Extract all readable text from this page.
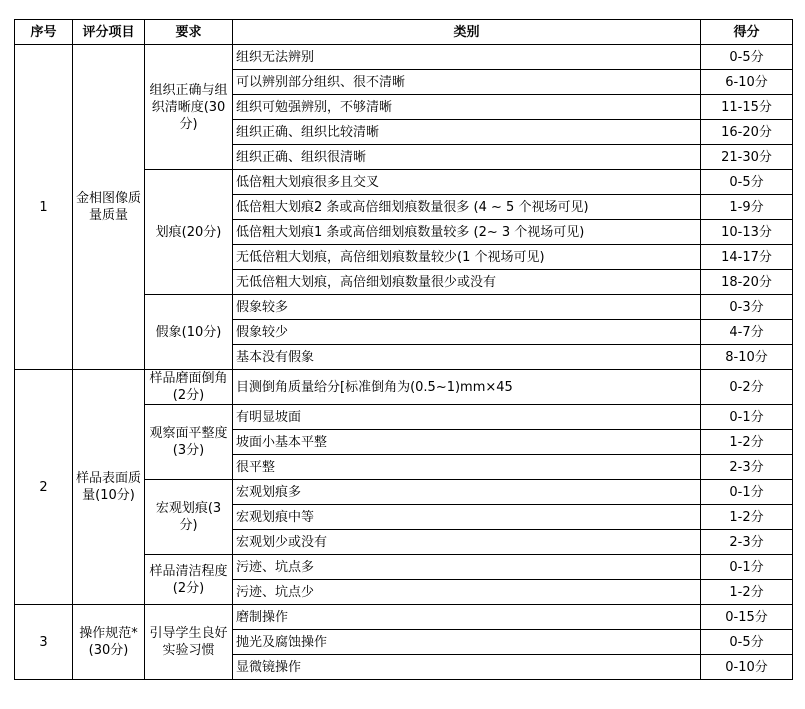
序号	评分项目	要求	类别	得分
1	金相图像质 量质量	组织正确与组织清晰度(30分)	组织无法辨别	0-5分
			可以辨别部分组织、很不清晰	6-10分
			组织可勉强辨别，不够清晰	11-15分
			组织正确、组织比较清晰	16-20分
			组织正确、组织很清晰	21-30分
		划痕(20分)	低倍粗大划痕很多且交叉	0-5分
			低倍粗大划痕2 条或高倍细划痕数量很多 (4 ~ 5 个视场可见)	1-9分
			低倍粗大划痕1 条或高倍细划痕数量较多 (2~ 3 个视场可见)	10-13分
			无低倍粗大划痕，高倍细划痕数量较少(1 个视场可见)	14-17分
			无低倍粗大划痕，高倍细划痕数量很少或没有	18-20分
		假象(10分)	假象较多	0-3分
			假象较少	4-7分
			基本没有假象	8-10分
2	样品表面质 量(10分)	样品磨面倒角(2分)	目测倒角质量给分[标准倒角为(0.5~1)mm×45	0-2分
		观察面平整度(3分)	有明显坡面	0-1分
			坡面小基本平整	1-2分
			很平整	2-3分
		宏观划痕(3分)	宏观划痕多	0-1分
			宏观划痕中等	1-2分
			宏观划少或没有	2-3分
		样品清洁程度(2分)	污迹、坑点多	0-1分
			污迹、坑点少	1-2分
3	操作规范*(30分)	引导学生良好实验习惯	磨制操作	0-15分
			抛光及腐蚀操作	0-5分
			显微镜操作	0-10分
